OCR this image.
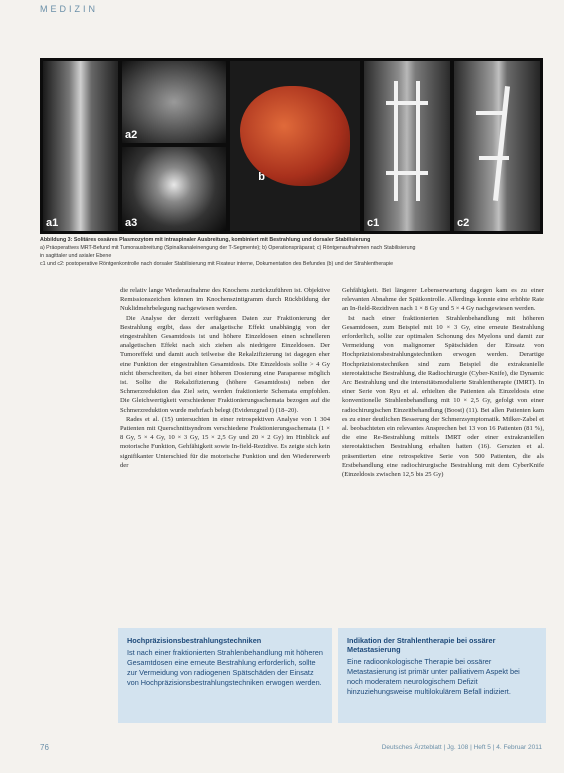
MEDIZIN
a1
a2
a3
b
c1	c2
Abbildung 3: Solitäres ossäres Plasmozytom mit intraspinaler Ausbreitung, kombiniert mit Bestrahlung und dorsaler Stabilisierung
a) Präoperatives MRT-Befund mit Tumorausbreitung (Spinalkanaleinengung der T-Segmente); b) Operationspräparat; c) Röntgenaufnahmen nach Stabilisierung
in sagittaler und axialer Ebene
c1 und c2: postoperative Röntgenkontrolle nach dorsaler Stabilisierung mit Fixateur interne, Dokumentation des Befundes (b) und der Strahlentherapie

die relativ lange Wiederaufnahme des Knochens zurückzuführen ist. Objektive Remissionszeichen können im Knochenszintigramm durch Rückbildung der Nuklidmehrbelegung nachgewiesen werden.

Die Analyse der derzeit verfügbaren Daten zur Fraktionierung der Bestrahlung ergibt, dass der analgetische Effekt unabhängig von der eingestrahlten Gesamtdosis ist und höhere Einzeldosen einen schnelleren analgetischen Effekt nach sich ziehen als niedrigere Einzeldosen. Der Tumoreffekt und damit auch teilweise die Rekalzifizierung ist dagegen eher eine Funktion der eingestrahlten Gesamtdosis. Die Einzeldosis sollte > 4 Gy nicht überschreiten, da bei einer höheren Dosierung eine Paraparese möglich ist. Sollte die Rekalzifizierung (höhere Gesamtdosis) neben der Schmerzreduktion das Ziel sein, werden fraktionierte Schemata empfohlen. Die Gleichwertigkeit verschiedener Fraktionierungsschemata bezogen auf die Schmerzreduktion wurde mehrfach belegt (Evidenzgrad I) (18–20).

Rades et al. (15) untersuchten in einer retrospektiven Analyse von 1 304 Patienten mit Querschnittsyndrom verschiedene Fraktionierungsschemata (1 × 8 Gy, 5 × 4 Gy, 10 × 3 Gy, 15 × 2,5 Gy und 20 × 2 Gy) im Hinblick auf motorische Funktion, Gehfähigkeit sowie In-field-Rezidive. Es zeigte sich kein signifikanter Unterschied für die motorische Funktion und den Wiedererwerb der

Gehfähigkeit. Bei längerer Lebenserwartung dagegen kam es zu einer relevanten Abnahme der Spätkontrolle. Allerdings konnte eine erhöhte Rate an In-field-Rezidiven nach 1 × 8 Gy und 5 × 4 Gy nachgewiesen werden.

Ist nach einer fraktionierten Strahlenbehandlung mit höheren Gesamtdosen, zum Beispiel mit 10 × 3 Gy, eine erneute Bestrahlung erforderlich, sollte zur optimalen Schonung des Myelons und damit zur Vermeidung von malignomer Spätschäden der Einsatz von Hochpräzisionsbestrahlungstechniken erwogen werden. Derartige Hochpräzisionstechniken sind zum Beispiel die extrakranielle stereotaktische Bestrahlung, die Radiochirurgie (Cyber-Knife), die Dynamic Arc Bestrahlung und die intensitätsmodulierte Strahlentherapie (IMRT). In einer Serie von Ryu et al. erhielten die Patienten als Einzeldosis eine konventionelle Strahlenbehandlung mit 10 × 2,5 Gy, gefolgt von einer radiochirurgischen Einzeitbehandlung (Boost) (11). Bei allen Patienten kam es zu einer deutlichen Besserung der Schmerzsymptomatik. Milker-Zabel et al. beobachteten ein relevantes Ansprechen bei 13 von 16 Patienten (81 %), die eine Re-Bestrahlung mittels IMRT oder einer extrakraniellen stereotaktischen Bestrahlung erhalten hatten (16). Gerszten et al. präsentierten eine retrospektive Serie von 500 Patienten, die als Erstbehandlung eine radiochirurgische Bestrahlung mit dem CyberKnife (Einzeldosis zwischen 12,5 bis 25 Gy)

Hochpräzisionsbestrahlungstechniken

Ist nach einer fraktionierten Strahlenbehandlung mit höheren Gesamtdosen eine erneute Bestrahlung erforderlich, sollte zur Vermeidung von radiogenen Spätschäden der Einsatz von Hochpräzisionsbestrahlungstechniken erwogen werden.

Indikation der Strahlentherapie bei ossärer Metastasierung

Eine radioonkologische Therapie bei ossärer Metastasierung ist primär unter palliativem Aspekt bei noch moderatem neurologischem Defizit hinzuziehungsweise multilokulärem Befall indiziert.

76	Deutsches Ärzteblatt | Jg. 108 | Heft 5 | 4. Februar 2011
